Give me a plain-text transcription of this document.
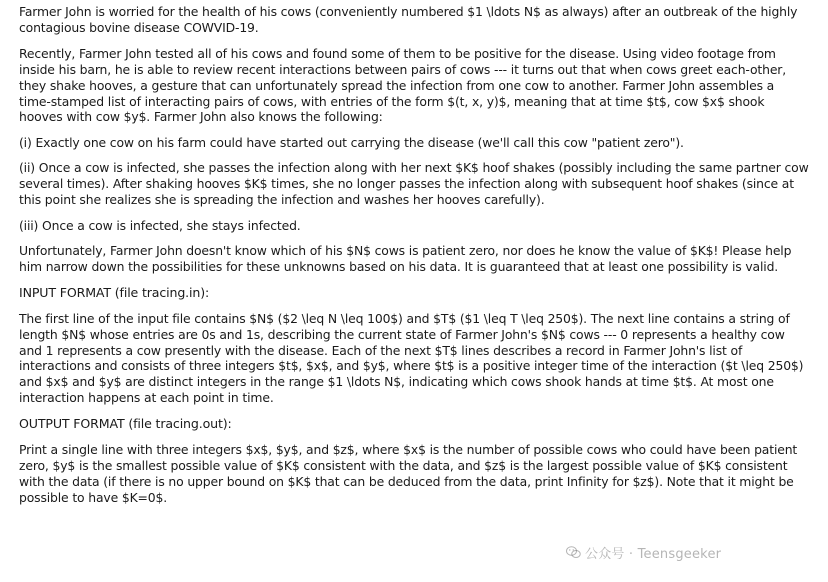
Farmer John is worried for the health of his cows (conveniently numbered $1 \ldots N$ as always) after an outbreak of the highly contagious bovine disease COWVID-19.

Recently, Farmer John tested all of his cows and found some of them to be positive for the disease. Using video footage from inside his barn, he is able to review recent interactions between pairs of cows --- it turns out that when cows greet each-other, they shake hooves, a gesture that can unfortunately spread the infection from one cow to another. Farmer John assembles a time-stamped list of interacting pairs of cows, with entries of the form $(t, x, y)$, meaning that at time $t$, cow $x$ shook hooves with cow $y$. Farmer John also knows the following:

(i) Exactly one cow on his farm could have started out carrying the disease (we'll call this cow "patient zero").

(ii) Once a cow is infected, she passes the infection along with her next $K$ hoof shakes (possibly including the same partner cow several times). After shaking hooves $K$ times, she no longer passes the infection along with subsequent hoof shakes (since at this point she realizes she is spreading the infection and washes her hooves carefully).

(iii) Once a cow is infected, she stays infected.

Unfortunately, Farmer John doesn't know which of his $N$ cows is patient zero, nor does he know the value of $K$! Please help him narrow down the possibilities for these unknowns based on his data. It is guaranteed that at least one possibility is valid.

INPUT FORMAT (file tracing.in):

The first line of the input file contains $N$ ($2 \leq N \leq 100$) and $T$ ($1 \leq T \leq 250$). The next line contains a string of length $N$ whose entries are 0s and 1s, describing the current state of Farmer John's $N$ cows --- 0 represents a healthy cow and 1 represents a cow presently with the disease. Each of the next $T$ lines describes a record in Farmer John's list of interactions and consists of three integers $t$, $x$, and $y$, where $t$ is a positive integer time of the interaction ($t \leq 250$) and $x$ and $y$ are distinct integers in the range $1 \ldots N$, indicating which cows shook hands at time $t$. At most one interaction happens at each point in time.

OUTPUT FORMAT (file tracing.out):

Print a single line with three integers $x$, $y$, and $z$, where $x$ is the number of possible cows who could have been patient zero, $y$ is the smallest possible value of $K$ consistent with the data, and $z$ is the largest possible value of $K$ consistent with the data (if there is no upper bound on $K$ that can be deduced from the data, print Infinity for $z$). Note that it might be possible to have $K=0$.

公众号 · Teensgeeker
